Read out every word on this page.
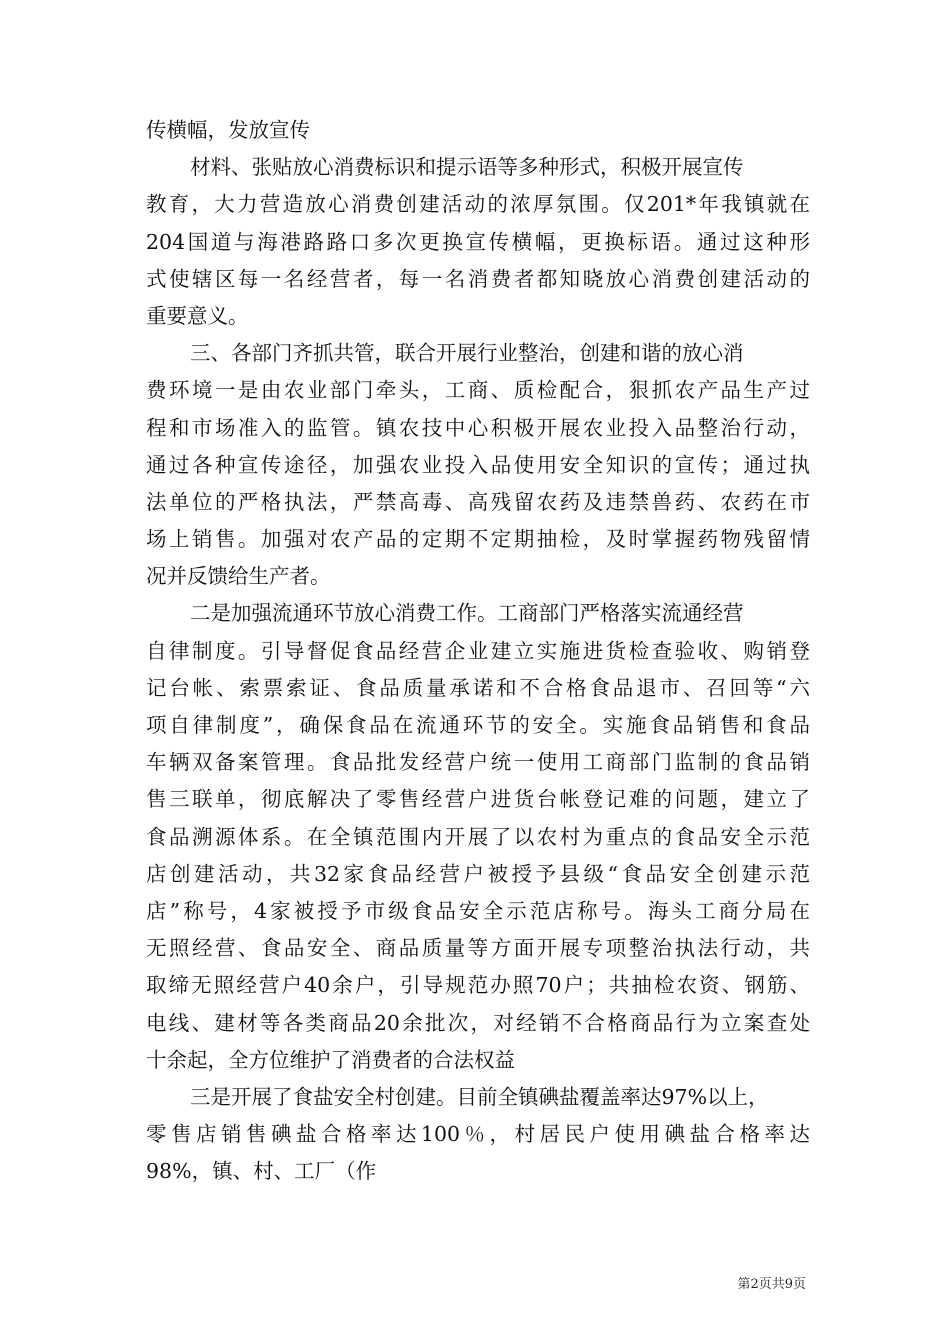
传横幅，发放宣传
材料、张贴放心消费标识和提示语等多种形式，积极开展宣传
教育，大力营造放心消费创建活动的浓厚氛围。仅201*年我镇就在
204国道与海港路路口多次更换宣传横幅，更换标语。通过这种形
式使辖区每一名经营者，每一名消费者都知晓放心消费创建活动的
重要意义。
三、各部门齐抓共管，联合开展行业整治，创建和谐的放心消
费环境一是由农业部门牵头，工商、质检配合，狠抓农产品生产过
程和市场准入的监管。镇农技中心积极开展农业投入品整治行动，
通过各种宣传途径，加强农业投入品使用安全知识的宣传；通过执
法单位的严格执法，严禁高毒、高残留农药及违禁兽药、农药在市
场上销售。加强对农产品的定期不定期抽检，及时掌握药物残留情
况并反馈给生产者。
二是加强流通环节放心消费工作。工商部门严格落实流通经营
自律制度。引导督促食品经营企业建立实施进货检查验收、购销登
记台帐、索票索证、食品质量承诺和不合格食品退市、召回等“六
项自律制度”，确保食品在流通环节的安全。实施食品销售和食品
车辆双备案管理。食品批发经营户统一使用工商部门监制的食品销
售三联单，彻底解决了零售经营户进货台帐登记难的问题，建立了
食品溯源体系。在全镇范围内开展了以农村为重点的食品安全示范
店创建活动，共32家食品经营户被授予县级“食品安全创建示范
店”称号，4家被授予市级食品安全示范店称号。海头工商分局在
无照经营、食品安全、商品质量等方面开展专项整治执法行动，共
取缔无照经营户40余户，引导规范办照70户；共抽检农资、钢筋、
电线、建材等各类商品20余批次，对经销不合格商品行为立案查处
十余起，全方位维护了消费者的合法权益
三是开展了食盐安全村创建。目前全镇碘盐覆盖率达97%以上，
零售店销售碘盐合格率达100％，村居民户使用碘盐合格率达
98%，镇、村、工厂（作
第2页共9页
